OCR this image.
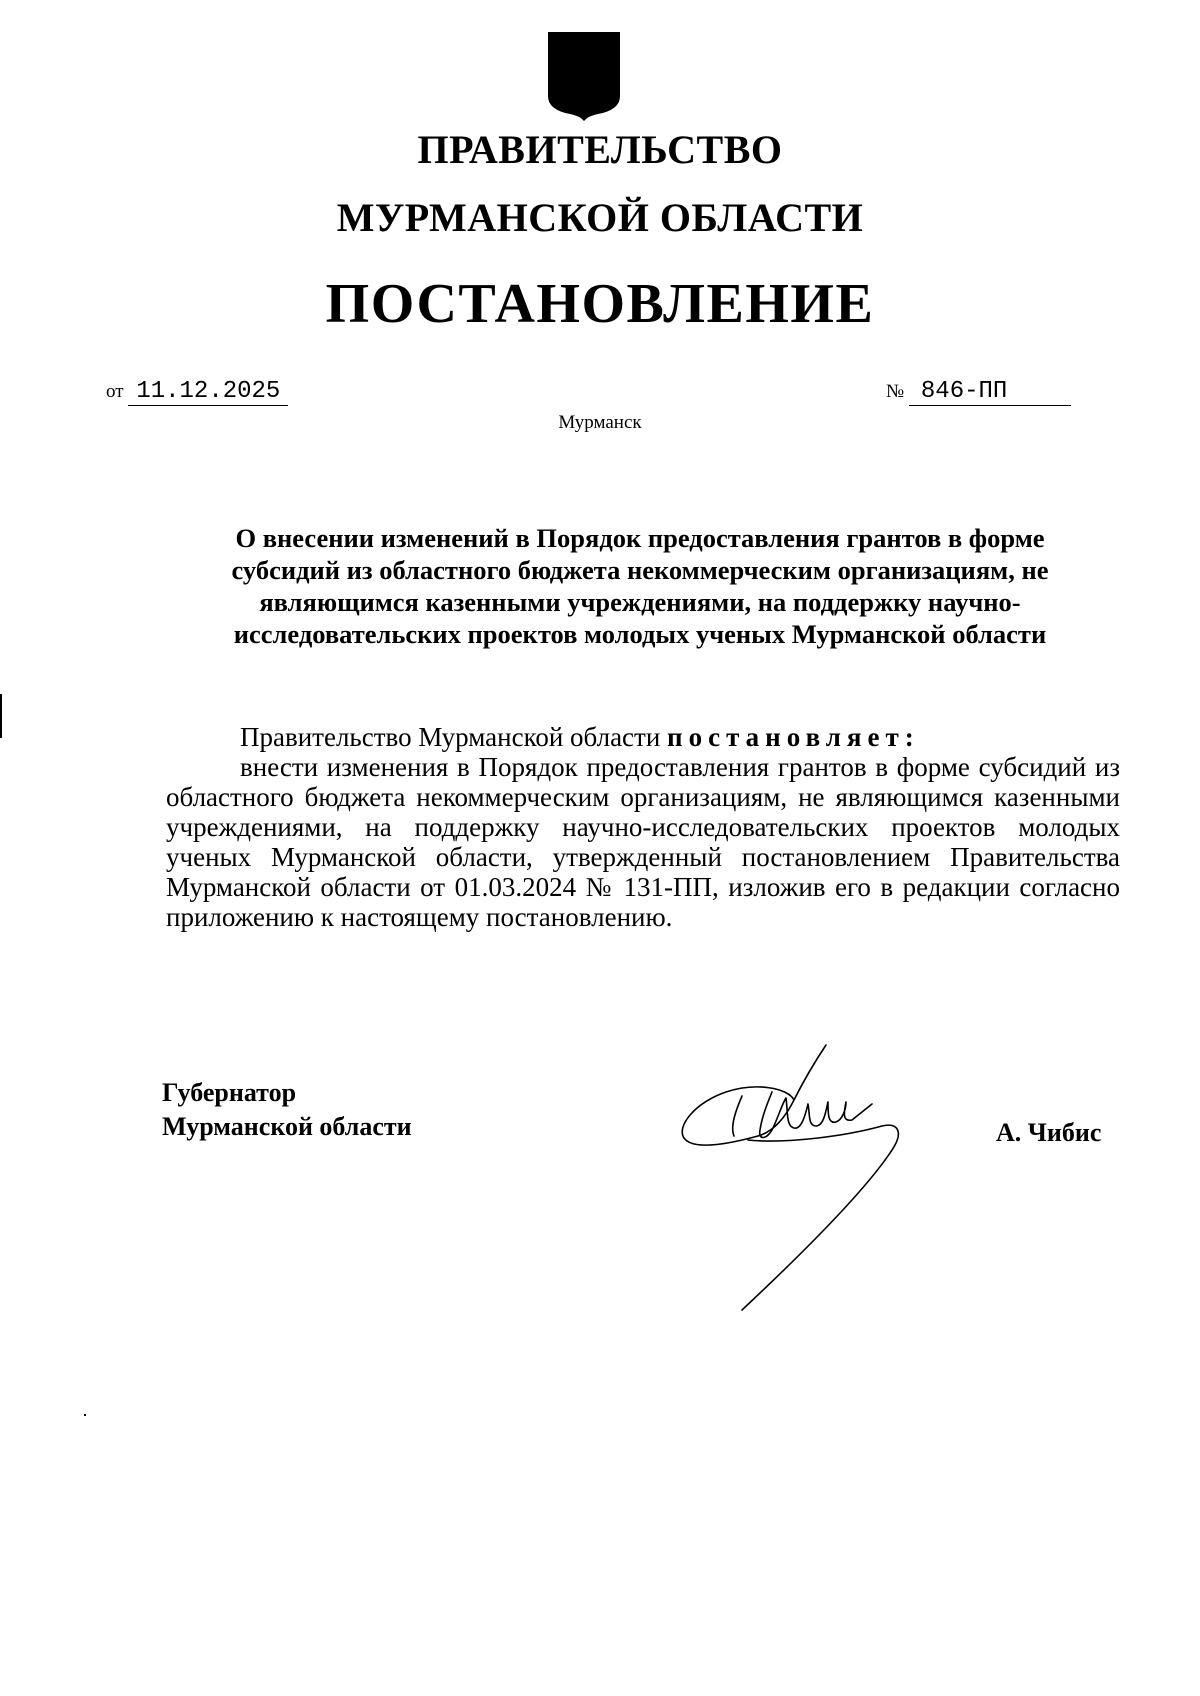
ПРАВИТЕЛЬСТВО
МУРМАНСКОЙ ОБЛАСТИ
ПОСТАНОВЛЕНИЕ
от 11.12.2025	№ 846-ПП
Мурманск
О внесении изменений в Порядок предоставления грантов в форме
субсидий из областного бюджета некоммерческим организациям, не
являющимся казенными учреждениями, на поддержку научно-
исследовательских проектов молодых ученых Мурманской области

Правительство Мурманской области постановляет:

внести изменения в Порядок предоставления грантов в форме субсидий из областного бюджета некоммерческим организациям, не являющимся казенными учреждениями, на поддержку научно-исследовательских проектов молодых ученых Мурманской области, утвержденный постановлением Правительства Мурманской области от 01.03.2024 № 131-ПП, изложив его в редакции согласно приложению к настоящему постановлению.

Губернатор
Мурманской области	А. Чибис
